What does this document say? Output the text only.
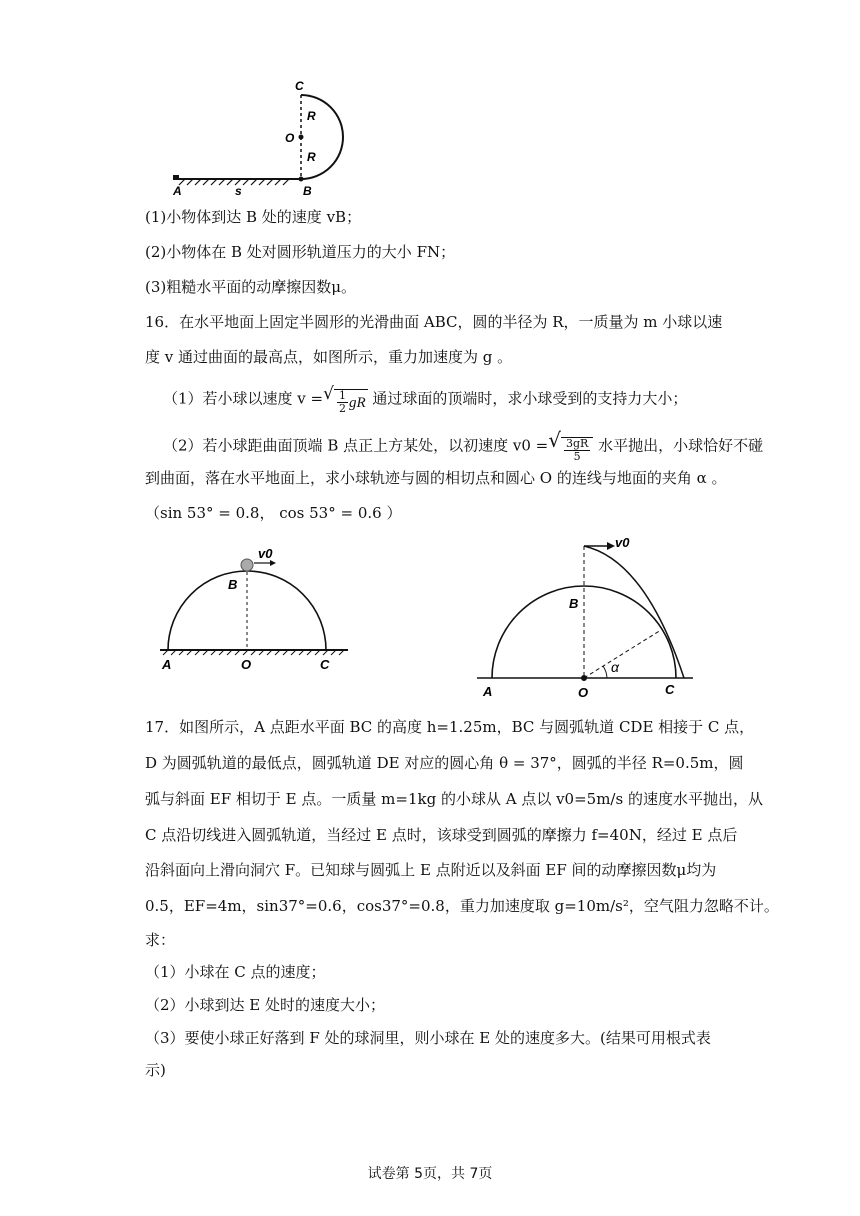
C
O
R
R
A	s	B
(1)小物体到达 B 处的速度 vB；
(2)小物体在 B 处对圆形轨道压力的大小 FN；
(3)粗糙水平面的动摩擦因数μ。
16．在水平地面上固定半圆形的光滑曲面 ABC，圆的半径为 R，一质量为 m 小球以速
度 v 通过曲面的最高点，如图所示，重力加速度为 g 。
（1）若小球以速度 v =√ $\frac{1}{2}$ gR 通过球面的顶端时，求小球受到的支持力大小；
（2）若小球距曲面顶端 B 点正上方某处，以初速度 v0 =√ $\frac{3gR}{5}$ 水平抛出，小球恰好不碰
到曲面，落在水平地面上，求小球轨迹与圆的相切点和圆心 O 的连线与地面的夹角 α 。
（sin 53° = 0.8， cos 53° = 0.6 ）
v0
B
A	O	C
v0
B
α
A	O	C
17．如图所示，A 点距水平面 BC 的高度 h=1.25m，BC 与圆弧轨道 CDE 相接于 C 点，
D 为圆弧轨道的最低点，圆弧轨道 DE 对应的圆心角 θ = 37°，圆弧的半径 R=0.5m，圆
弧与斜面 EF 相切于 E 点。一质量 m=1kg 的小球从 A 点以 v0=5m/s 的速度水平抛出，从
C 点沿切线进入圆弧轨道，当经过 E 点时，该球受到圆弧的摩擦力 f=40N，经过 E 点后
沿斜面向上滑向洞穴 F。已知球与圆弧上 E 点附近以及斜面 EF 间的动摩擦因数μ均为
0.5，EF=4m，sin37°=0.6，cos37°=0.8，重力加速度取 g=10m/s²，空气阻力忽略不计。
求：
（1）小球在 C 点的速度；
（2）小球到达 E 处时的速度大小；
（3）要使小球正好落到 F 处的球洞里，则小球在 E 处的速度多大。(结果可用根式表
示)
试卷第 5页，共 7页
